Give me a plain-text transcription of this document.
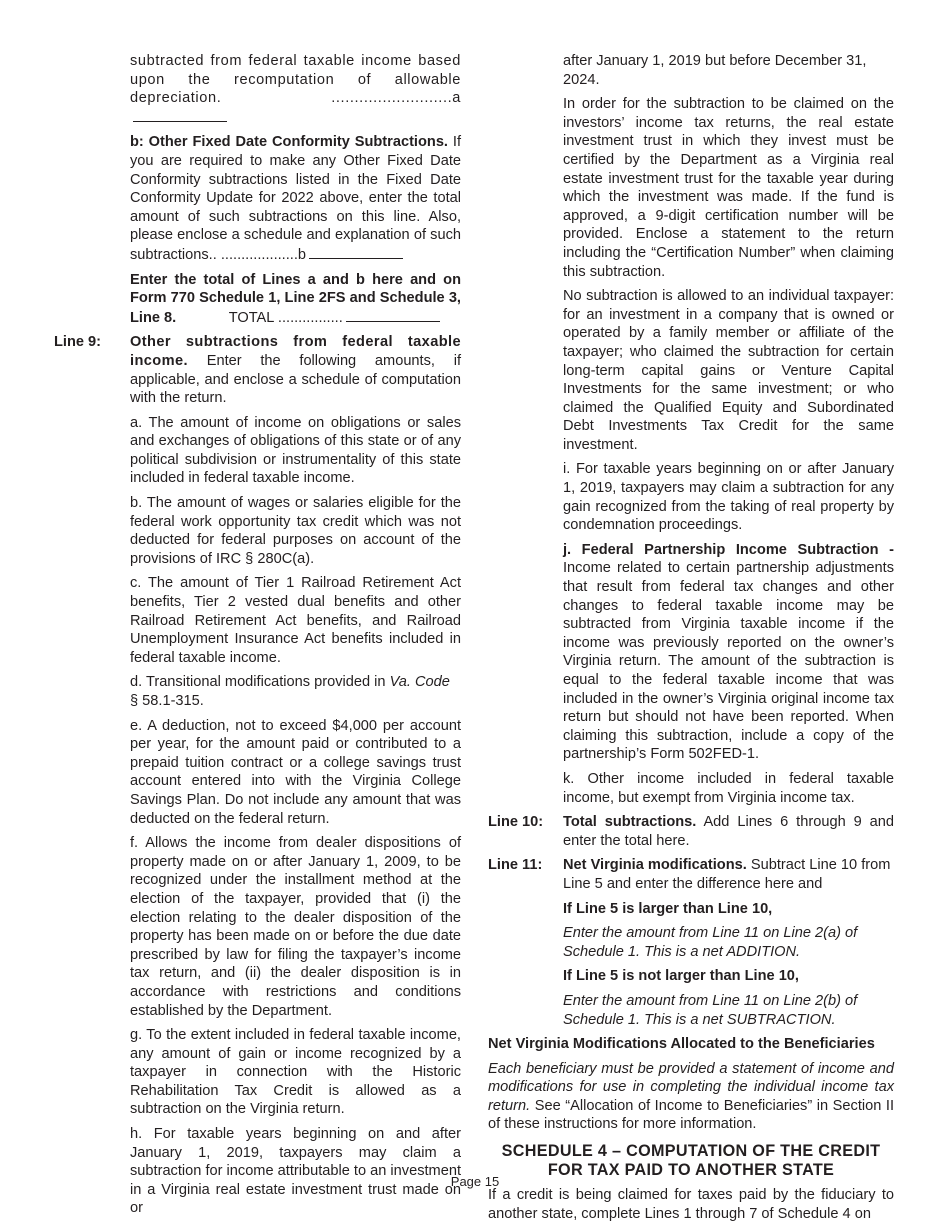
subtracted from federal taxable income based upon the recomputation of allowable depreciation.	..........................a

b: Other Fixed Date Conformity Subtractions. If you are required to make any Other Fixed Date Conformity subtractions listed in the Fixed Date Conformity Update for 2022 above, enter the total amount of such subtractions on this line. Also, please enclose a schedule and explanation of such subtractions.. ...................b

Enter the total of Lines a and b here and on Form 770 Schedule 1, Line 2FS and Schedule 3, Line 8.	TOTAL ................

Line 9: Other subtractions from federal taxable income. Enter the following amounts, if applicable, and enclose a schedule of computation with the return.

a. The amount of income on obligations or sales and exchanges of obligations of this state or of any political subdivision or instrumentality of this state included in federal taxable income.

b. The amount of wages or salaries eligible for the federal work opportunity tax credit which was not deducted for federal purposes on account of the provisions of IRC § 280C(a).

c. The amount of Tier 1 Railroad Retirement Act benefits, Tier 2 vested dual benefits and other Railroad Retirement Act benefits, and Railroad Unemployment Insurance Act benefits included in federal taxable income.

d. Transitional modifications provided in Va. Code
§ 58.1-315.

e. A deduction, not to exceed $4,000 per account per year, for the amount paid or contributed to a prepaid tuition contract or a college savings trust account entered into with the Virginia College Savings Plan. Do not include any amount that was deducted on the federal return.

f. Allows the income from dealer dispositions of property made on or after January 1, 2009, to be recognized under the installment method at the election of the taxpayer, provided that (i) the election relating to the dealer disposition of the property has been made on or before the due date prescribed by law for filing the taxpayer’s income tax return, and (ii) the dealer disposition is in accordance with restrictions and conditions established by the Department.

g. To the extent included in federal taxable income, any amount of gain or income recognized by a taxpayer in connection with the Historic Rehabilitation Tax Credit is allowed as a subtraction on the Virginia return.

h. For taxable years beginning on and after January 1, 2019, taxpayers may claim a subtraction for income attributable to an investment in a Virginia real estate investment trust made on or

after January 1, 2019 but before December 31, 2024.

In order for the subtraction to be claimed on the investors’ income tax returns, the real estate investment trust in which they invest must be certified by the Department as a Virginia real estate investment trust for the taxable year during which the investment was made. If the fund is approved, a 9-digit certification number will be provided. Enclose a statement to the return including the “Certification Number” when claiming this subtraction.

No subtraction is allowed to an individual taxpayer: for an investment in a company that is owned or operated by a family member or affiliate of the taxpayer; who claimed the subtraction for certain long-term capital gains or Venture Capital Investments for the same investment; or who claimed the Qualified Equity and Subordinated Debt Investments Tax Credit for the same investment.

i. For taxable years beginning on or after January 1, 2019, taxpayers may claim a subtraction for any gain recognized from the taking of real property by condemnation proceedings.

j. Federal Partnership Income Subtraction - Income related to certain partnership adjustments that result from federal tax changes and other changes to federal taxable income may be subtracted from Virginia taxable income if the income was previously reported on the owner’s Virginia return. The amount of the subtraction is equal to the federal taxable income that was included in the owner’s Virginia original income tax return but should not have been reported. When claiming this subtraction, include a copy of the partnership’s Form 502FED-1.

k. Other income included in federal taxable income, but exempt from Virginia income tax.

Line 10: Total subtractions. Add Lines 6 through 9 and enter the total here.

Line 11: Net Virginia modifications. Subtract Line 10 from Line 5 and enter the difference here and

If Line 5 is larger than Line 10,

Enter the amount from Line 11 on Line 2(a) of Schedule 1. This is a net ADDITION.

If Line 5 is not larger than Line 10,

Enter the amount from Line 11 on Line 2(b) of Schedule 1. This is a net SUBTRACTION.

Net Virginia Modifications Allocated to the Beneficiaries

Each beneficiary must be provided a statement of income and modifications for use in completing the individual income tax return. See “Allocation of Income to Beneficiaries” in Section II of these instructions for more information.

SCHEDULE 4 – COMPUTATION OF THE CREDIT
FOR TAX PAID TO ANOTHER STATE

If a credit is being claimed for taxes paid by the fiduciary to another state, complete Lines 1 through 7 of Schedule 4 on

Page 15
